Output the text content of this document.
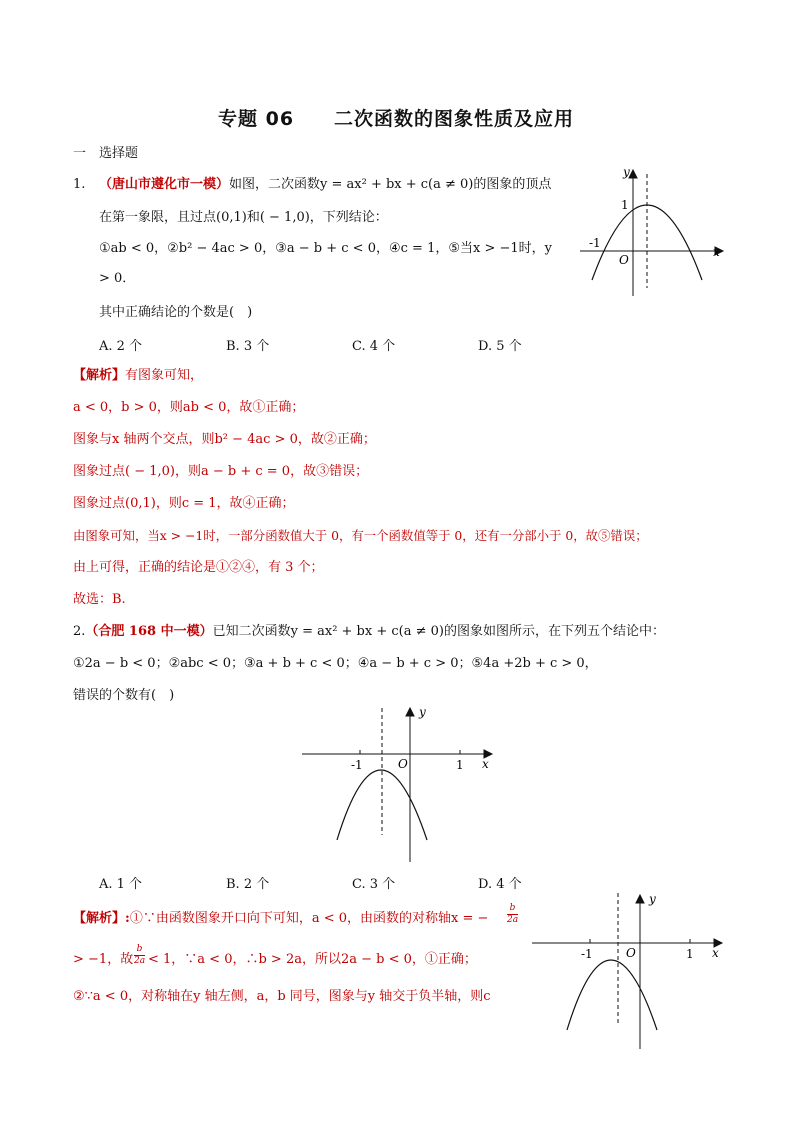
专题 06　　二次函数的图象性质及应用
一 选择题
1. （唐山市遵化市一模）如图，二次函数y = ax² + bx + c(a ≠ 0)的图象的顶点
在第一象限，且过点(0,1)和( − 1,0)，下列结论：
①ab < 0，②b² − 4ac > 0，③a − b + c < 0，④c = 1，⑤当x > −1时，y
> 0．
其中正确结论的个数是(　)
A. 2 个	B. 3 个	C. 4 个	D. 5 个
y
x
1
-1
O
【解析】有图象可知，
a < 0，b > 0，则ab < 0，故①正确；
图象与x 轴两个交点，则b² − 4ac > 0，故②正确；
图象过点( − 1,0)，则a − b + c = 0，故③错误；
图象过点(0,1)，则c = 1，故④正确；
由图象可知，当x > −1时，一部分函数值大于 0，有一个函数值等于 0，还有一分部小于 0，故⑤错误；
由上可得，正确的结论是①②④，有 3 个；
故选：B.
2.（合肥 168 中一模）已知二次函数y = ax² + bx + c(a ≠ 0)的图象如图所示，在下列五个结论中：
①2a − b < 0；②abc < 0；③a + b + c < 0；④a − b + c > 0；⑤4a +2b + c > 0，
错误的个数有(　)
y
x
-1	1
O
A. 1 个	B. 2 个	C. 3 个	D. 4 个
【解析】:①∵由函数图象开口向下可知，a < 0，由函数的对称轴x = − $\frac{b}{2a}$
> −1，故 $\frac{b}{2a} < 1$，∵a < 0，∴b > 2a，所以2a − b < 0，①正确；
②∵a < 0，对称轴在y 轴左侧，a，b 同号，图象与y 轴交于负半轴，则c
y
x
-1	1
O
